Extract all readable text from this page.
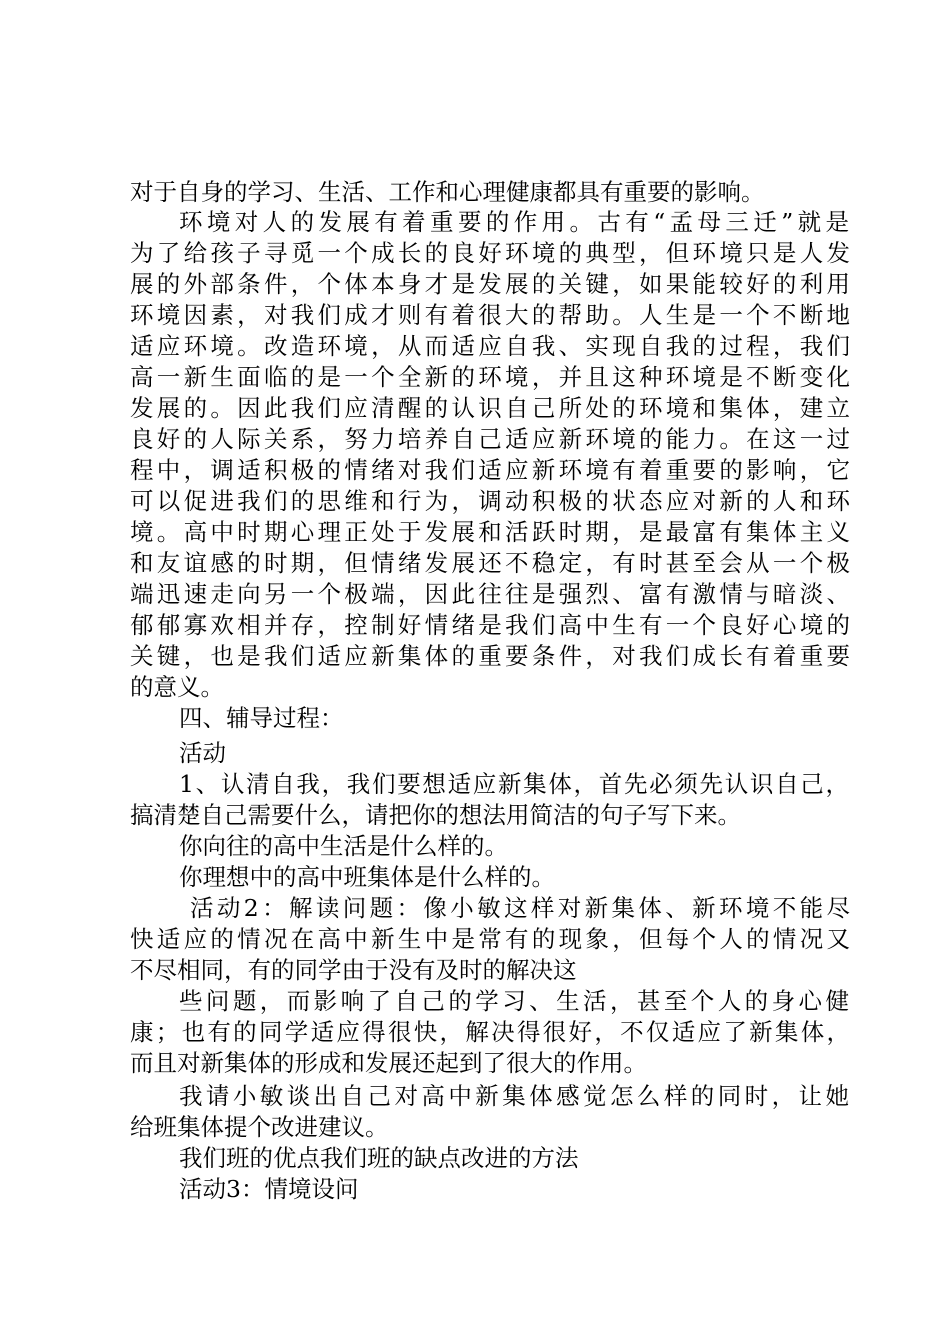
对于自身的学习、生活、工作和心理健康都具有重要的影响。
环境对人的发展有着重要的作用。古有“孟母三迁”就是
为了给孩子寻觅一个成长的良好环境的典型，但环境只是人发
展的外部条件，个体本身才是发展的关键，如果能较好的利用
环境因素，对我们成才则有着很大的帮助。人生是一个不断地
适应环境。改造环境，从而适应自我、实现自我的过程，我们
高一新生面临的是一个全新的环境，并且这种环境是不断变化
发展的。因此我们应清醒的认识自己所处的环境和集体，建立
良好的人际关系，努力培养自己适应新环境的能力。在这一过
程中，调适积极的情绪对我们适应新环境有着重要的影响，它
可以促进我们的思维和行为，调动积极的状态应对新的人和环
境。高中时期心理正处于发展和活跃时期，是最富有集体主义
和友谊感的时期，但情绪发展还不稳定，有时甚至会从一个极
端迅速走向另一个极端，因此往往是强烈、富有激情与暗淡、
郁郁寡欢相并存，控制好情绪是我们高中生有一个良好心境的
关键，也是我们适应新集体的重要条件，对我们成长有着重要
的意义。
四、辅导过程：
活动
1、认清自我，我们要想适应新集体，首先必须先认识自己，
搞清楚自己需要什么，请把你的想法用简洁的句子写下来。
你向往的高中生活是什么样的。
你理想中的高中班集体是什么样的。
活动2：解读问题：像小敏这样对新集体、新环境不能尽
快适应的情况在高中新生中是常有的现象，但每个人的情况又
不尽相同，有的同学由于没有及时的解决这
些问题，而影响了自己的学习、生活，甚至个人的身心健
康；也有的同学适应得很快，解决得很好，不仅适应了新集体，
而且对新集体的形成和发展还起到了很大的作用。
我请小敏谈出自己对高中新集体感觉怎么样的同时，让她
给班集体提个改进建议。
我们班的优点我们班的缺点改进的方法
活动3：情境设问
